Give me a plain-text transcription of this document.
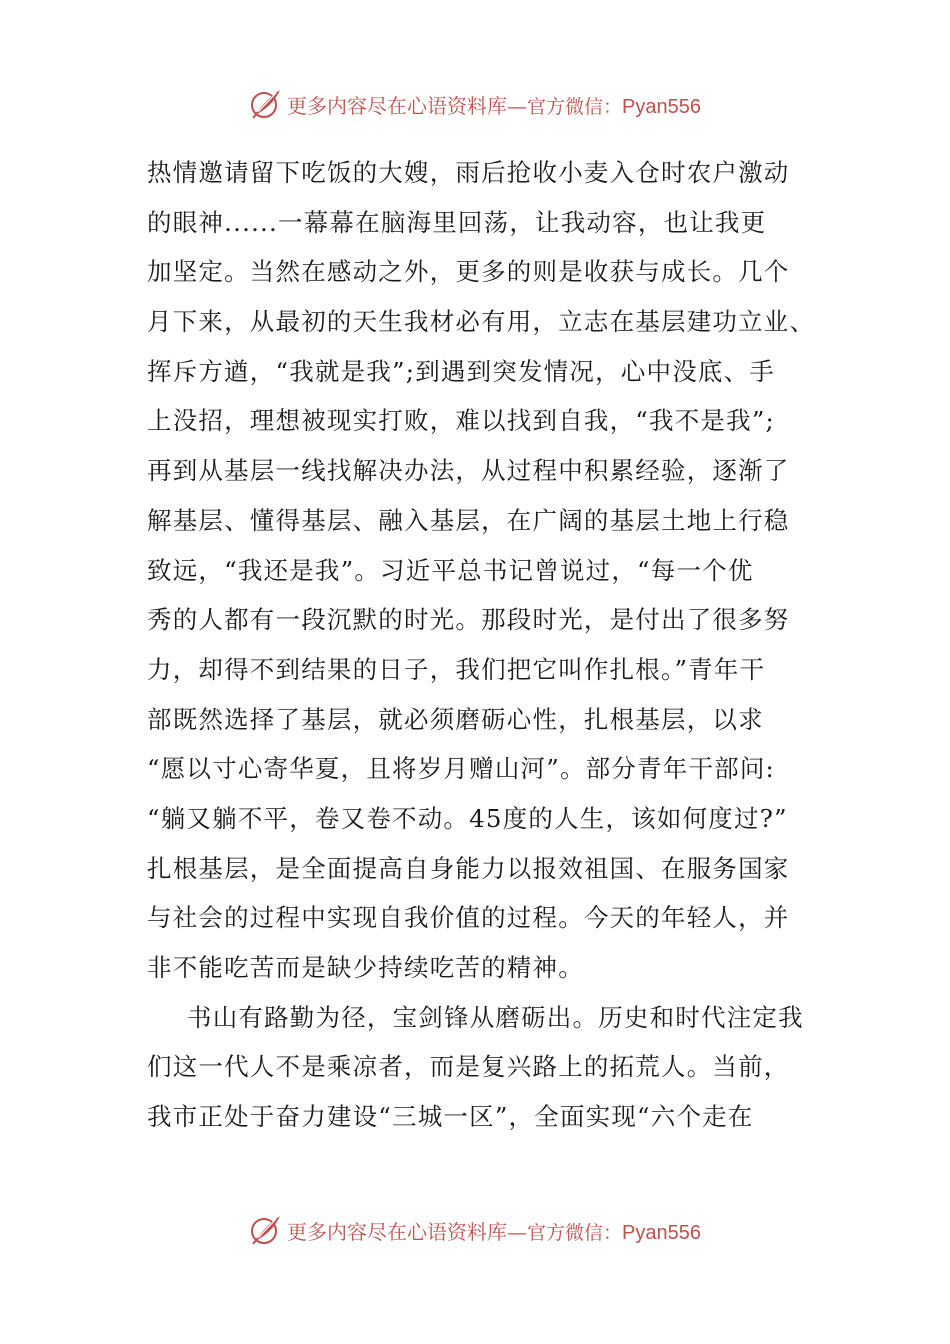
更多内容尽在心语资料库—官方微信：Pyan556
热情邀请留下吃饭的大嫂，雨后抢收小麦入仓时农户激动
的眼神......一幕幕在脑海里回荡，让我动容，也让我更
加坚定。当然在感动之外，更多的则是收获与成长。几个
月下来，从最初的天生我材必有用，立志在基层建功立业、
挥斥方遒，“我就是我”;到遇到突发情况，心中没底、手
上没招，理想被现实打败，难以找到自我，“我不是我”;
再到从基层一线找解决办法，从过程中积累经验，逐渐了
解基层、懂得基层、融入基层，在广阔的基层土地上行稳
致远，“我还是我”。习近平总书记曾说过，“每一个优
秀的人都有一段沉默的时光。那段时光，是付出了很多努
力，却得不到结果的日子，我们把它叫作扎根。”青年干
部既然选择了基层，就必须磨砺心性，扎根基层，以求
“愿以寸心寄华夏，且将岁月赠山河”。部分青年干部问:
“躺又躺不平，卷又卷不动。45度的人生，该如何度过?”
扎根基层，是全面提高自身能力以报效祖国、在服务国家
与社会的过程中实现自我价值的过程。今天的年轻人，并
非不能吃苦而是缺少持续吃苦的精神。
书山有路勤为径，宝剑锋从磨砺出。历史和时代注定我
们这一代人不是乘凉者，而是复兴路上的拓荒人。当前，
我市正处于奋力建设“三城一区”，全面实现“六个走在
更多内容尽在心语资料库—官方微信：Pyan556
